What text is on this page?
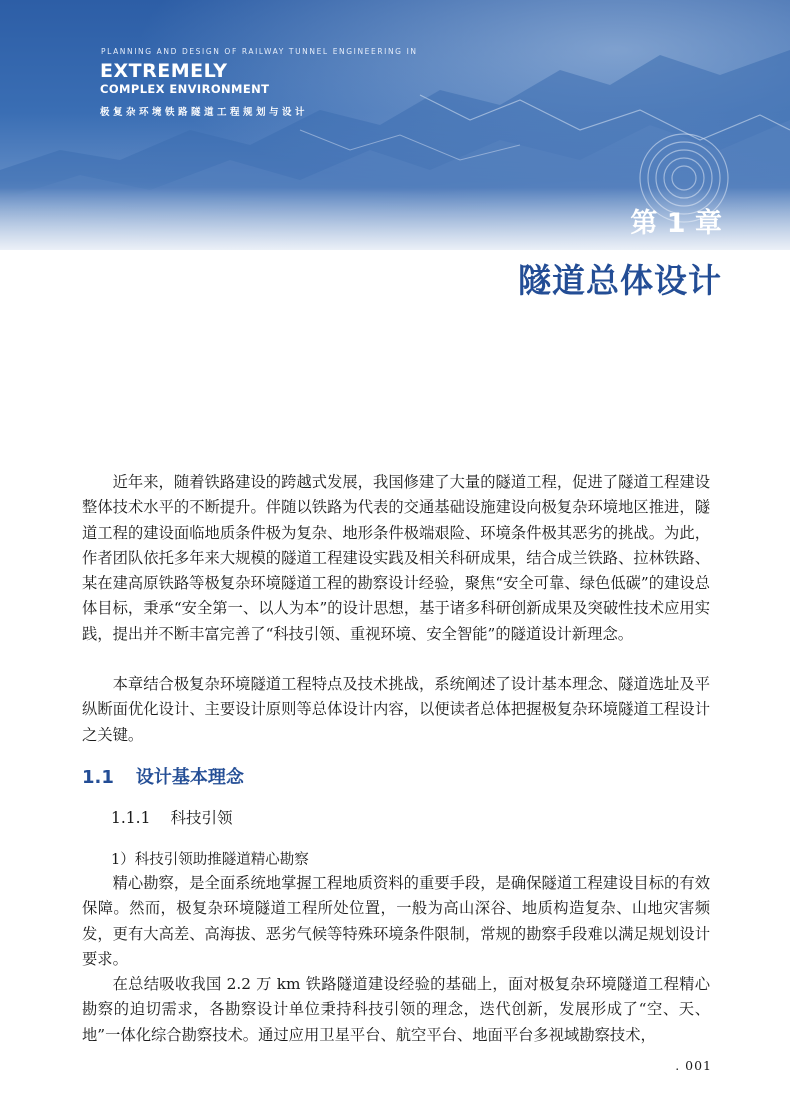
PLANNING AND DESIGN OF RAILWAY TUNNEL ENGINEERING IN
EXTREMELY
COMPLEX ENVIRONMENT
极复杂环境铁路隧道工程规划与设计
第 1 章
隧道总体设计

近年来，随着铁路建设的跨越式发展，我国修建了大量的隧道工程，促进了隧道工程建设整体技术水平的不断提升。伴随以铁路为代表的交通基础设施建设向极复杂环境地区推进，隧道工程的建设面临地质条件极为复杂、地形条件极端艰险、环境条件极其恶劣的挑战。为此，作者团队依托多年来大规模的隧道工程建设实践及相关科研成果，结合成兰铁路、拉林铁路、某在建高原铁路等极复杂环境隧道工程的勘察设计经验，聚焦“安全可靠、绿色低碳”的建设总体目标，秉承“安全第一、以人为本”的设计思想，基于诸多科研创新成果及突破性技术应用实践，提出并不断丰富完善了“科技引领、重视环境、安全智能”的隧道设计新理念。

本章结合极复杂环境隧道工程特点及技术挑战，系统阐述了设计基本理念、隧道选址及平纵断面优化设计、主要设计原则等总体设计内容，以便读者总体把握极复杂环境隧道工程设计之关键。

1.1 设计基本理念
1.1.1 科技引领
1）科技引领助推隧道精心勘察

精心勘察，是全面系统地掌握工程地质资料的重要手段，是确保隧道工程建设目标的有效保障。然而，极复杂环境隧道工程所处位置，一般为高山深谷、地质构造复杂、山地灾害频发，更有大高差、高海拔、恶劣气候等特殊环境条件限制，常规的勘察手段难以满足规划设计要求。

在总结吸收我国 2.2 万 km 铁路隧道建设经验的基础上，面对极复杂环境隧道工程精心勘察的迫切需求，各勘察设计单位秉持科技引领的理念，迭代创新，发展形成了“空、天、地”一体化综合勘察技术。通过应用卫星平台、航空平台、地面平台多视域勘察技术，

. 001
